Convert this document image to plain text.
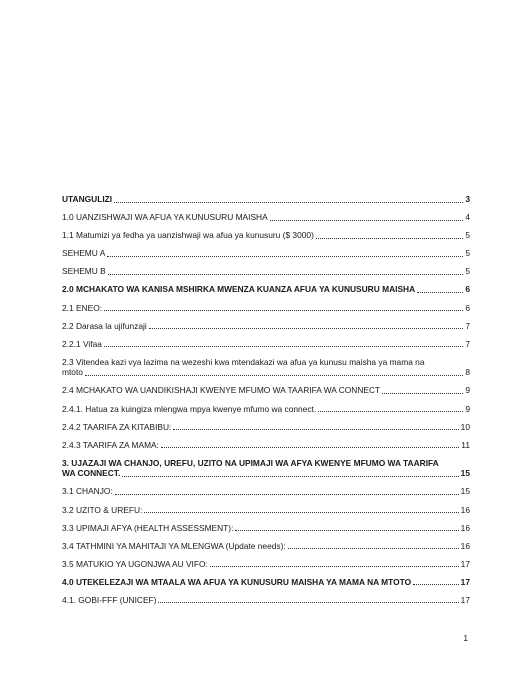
UTANGULIZI	3
1.0 UANZISHWAJI WA AFUA YA KUNUSURU MAISHA	4
1.1 Matumizi ya fedha ya uanzishwaji wa afua ya kunusuru ($ 3000)	5
SEHEMU A	5
SEHEMU B	5
2.0 MCHAKATO WA KANISA MSHIRKA MWENZA KUANZA AFUA YA KUNUSURU MAISHA	6
2.1 ENEO:	6
2.2 Darasa la ujifunzaji	7
2.2.1 Vifaa	7
2.3 Vitendea kazi vya lazima na wezeshi kwa mtendakazi wa afua ya kunusu maisha ya mama na
mtoto	8
2.4 MCHAKATO WA UANDIKISHAJI KWENYE MFUMO WA TAARIFA WA CONNECT	9
2.4.1. Hatua za kuingiza mlengwa mpya kwenye mfumo wa connect.	9
2.4.2 TAARIFA ZA KITABIBU:	10
2.4.3 TAARIFA ZA MAMA:	11
3. UJAZAJI WA CHANJO, UREFU, UZITO NA UPIMAJI WA AFYA KWENYE MFUMO WA TAARIFA
WA CONNECT.	15
3.1 CHANJO:	15
3.2 UZITO & UREFU:	16
3.3 UPIMAJI AFYA (HEALTH ASSESSMENT):	16
3.4 TATHMINI YA MAHITAJI YA MLENGWA (Update needs):	16
3.5 MATUKIO YA UGONJWA AU VIFO:	17
4.0 UTEKELEZAJI WA MTAALA WA AFUA YA KUNUSURU MAISHA YA MAMA NA MTOTO	17
4.1. GOBI-FFF (UNICEF)	17
1
